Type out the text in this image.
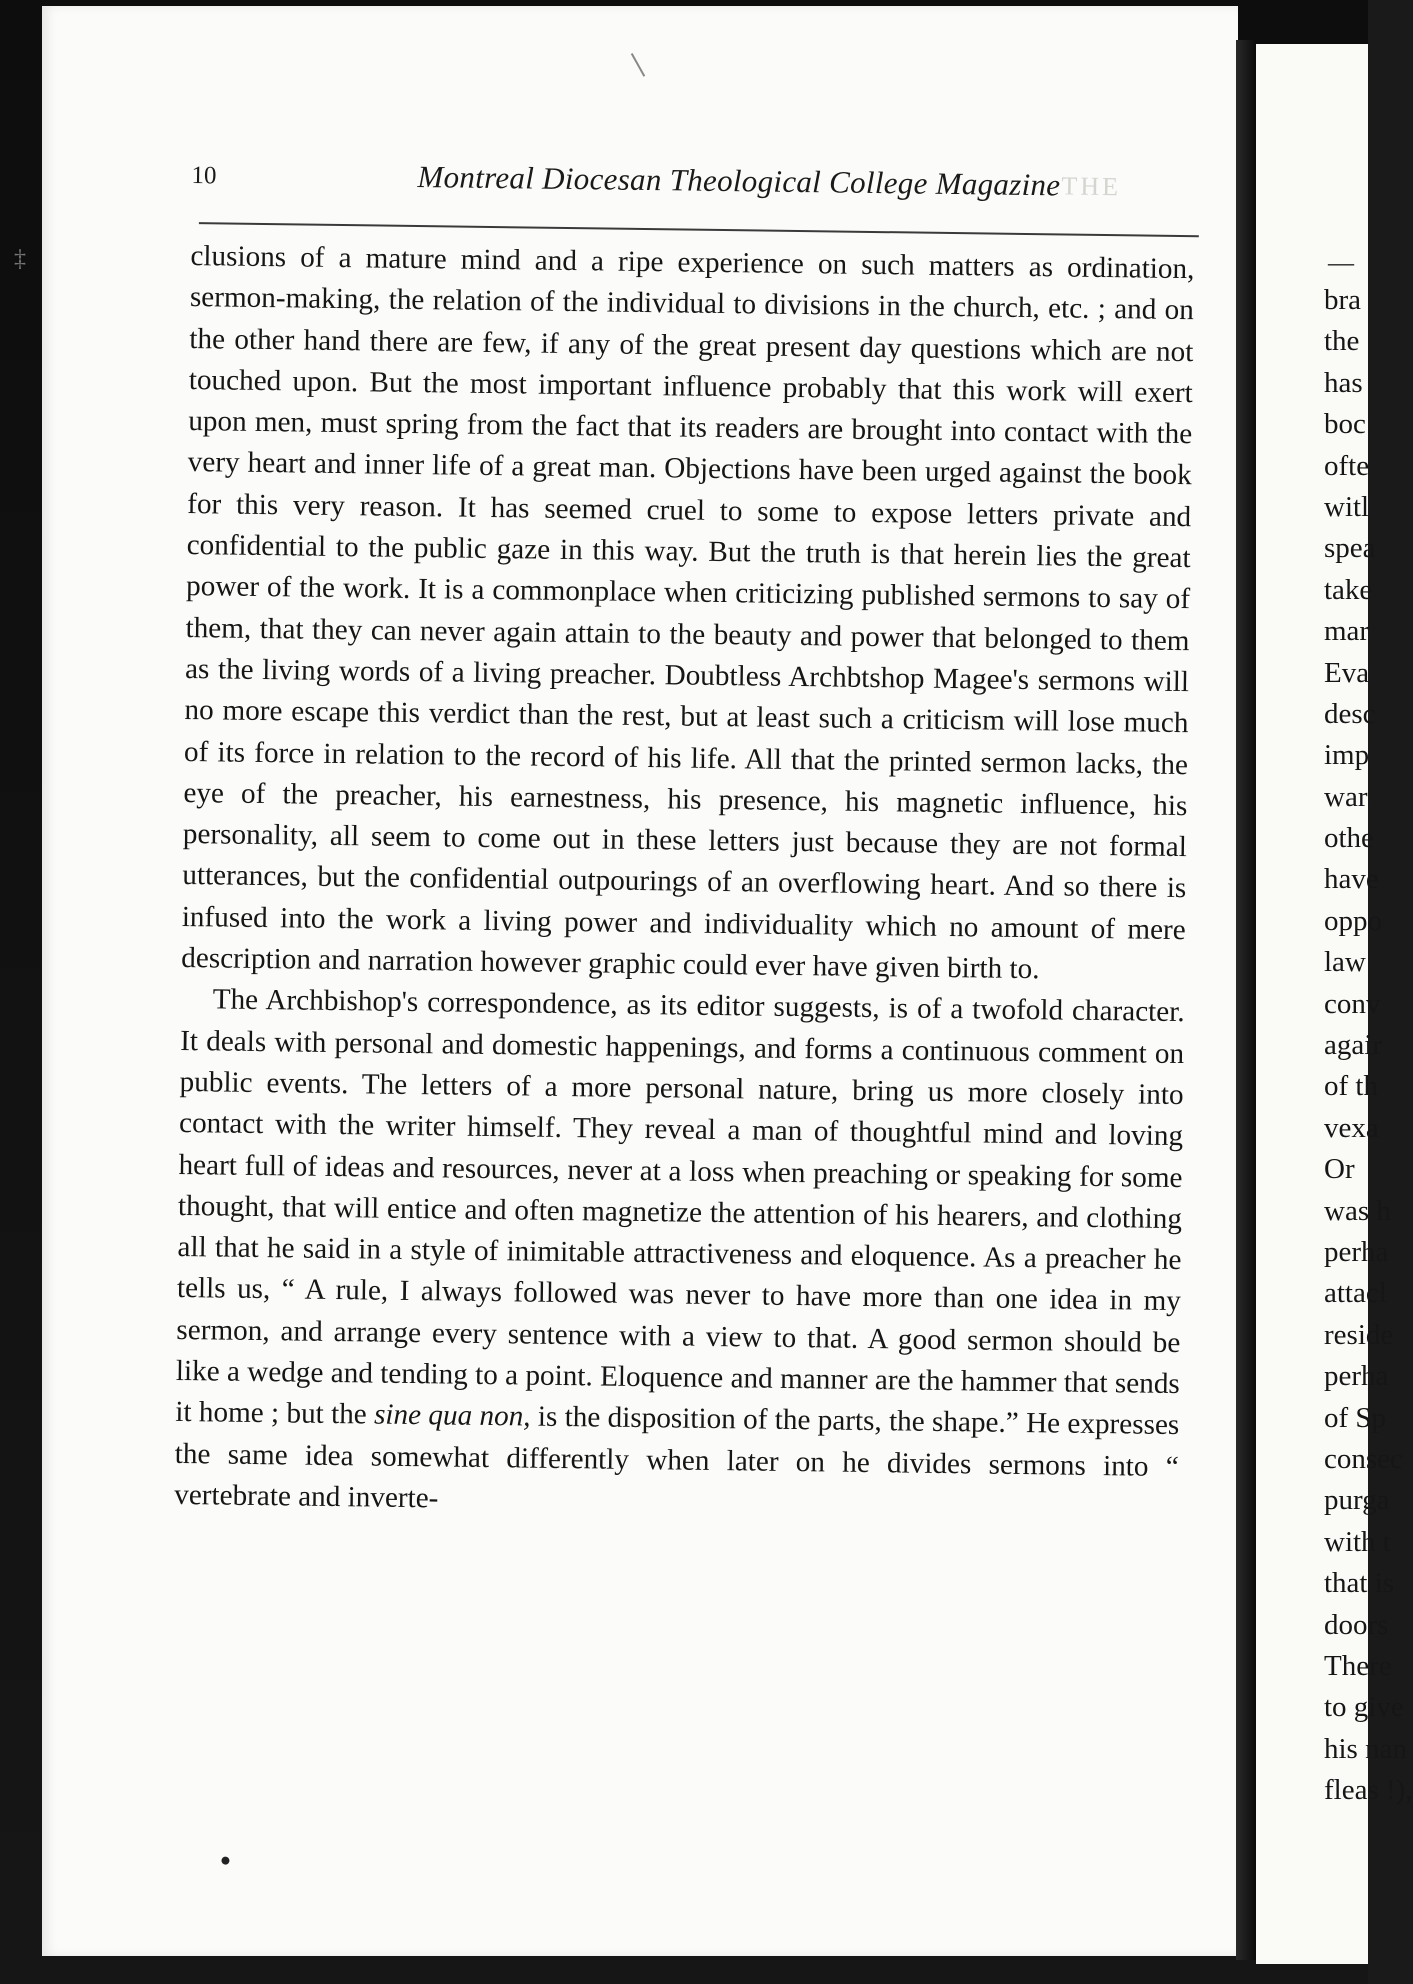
10	Montreal Diocesan Theological College Magazine THE

clusions of a mature mind and a ripe experience on such matters as ordination, sermon-making, the relation of the individual to divisions in the church, etc. ; and on the other hand there are few, if any of the great present day questions which are not touched upon. But the most important influence probably that this work will exert upon men, must spring from the fact that its readers are brought into contact with the very heart and inner life of a great man. Objections have been urged against the book for this very reason. It has seemed cruel to some to expose letters private and confidential to the public gaze in this way. But the truth is that herein lies the great power of the work. It is a commonplace when criticizing published sermons to say of them, that they can never again attain to the beauty and power that belonged to them as the living words of a living preacher. Doubtless Archbtshop Magee's sermons will no more escape this verdict than the rest, but at least such a criticism will lose much of its force in relation to the record of his life. All that the printed sermon lacks, the eye of the preacher, his earnestness, his presence, his magnetic influence, his personality, all seem to come out in these letters just because they are not formal utterances, but the confidential outpourings of an overflowing heart. And so there is infused into the work a living power and individuality which no amount of mere description and narration however graphic could ever have given birth to.

The Archbishop's correspondence, as its editor suggests, is of a twofold character. It deals with personal and domestic happenings, and forms a continuous comment on public events. The letters of a more personal nature, bring us more closely into contact with the writer himself. They reveal a man of thoughtful mind and loving heart full of ideas and resources, never at a loss when preaching or speaking for some thought, that will entice and often magnetize the attention of his hearers, and clothing all that he said in a style of inimitable attractiveness and eloquence. As a preacher he tells us, “ A rule, I always followed was never to have more than one idea in my sermon, and arrange every sentence with a view to that. A good sermon should be like a wedge and tending to a point. Eloquence and manner are the hammer that sends it home ; but the sine qua non, is the disposition of the parts, the shape.” He expresses the same idea somewhat differently when later on he divides sermons into “ vertebrate and inverte-

‡	—
bra
the
has
boc
ofte
witl
spea
take
mar
Eva
desc
imp
war
othe
have
oppo
law
conv
agair
of th
vexa
Or
was h
perha
attacl
reside
perha
of Sp
consec
purga
with t
that is
doors
There
to give
his nan
fleas !),
